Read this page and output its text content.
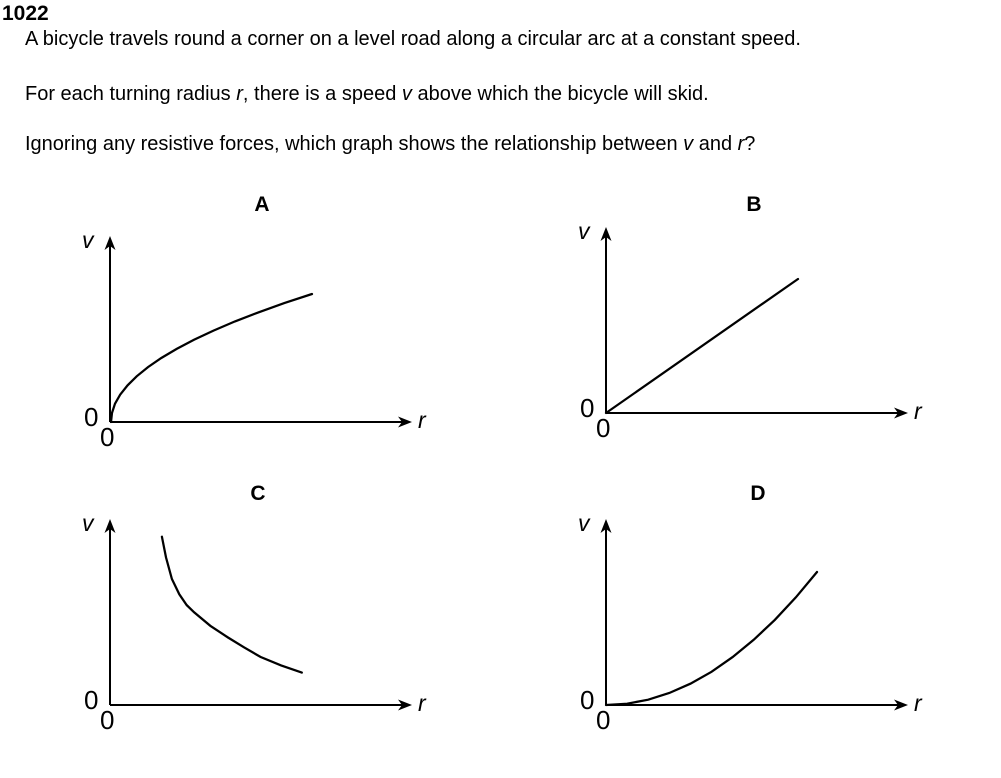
1022

A bicycle travels round a corner on a level road along a circular arc at a constant speed.

For each turning radius r, there is a speed v above which the bicycle will skid.

Ignoring any resistive forces, which graph shows the relationship between v and r?

A
v
r
0
0
B
v
r
0
0
C
v
r
0
0
D
v
r
0
0
